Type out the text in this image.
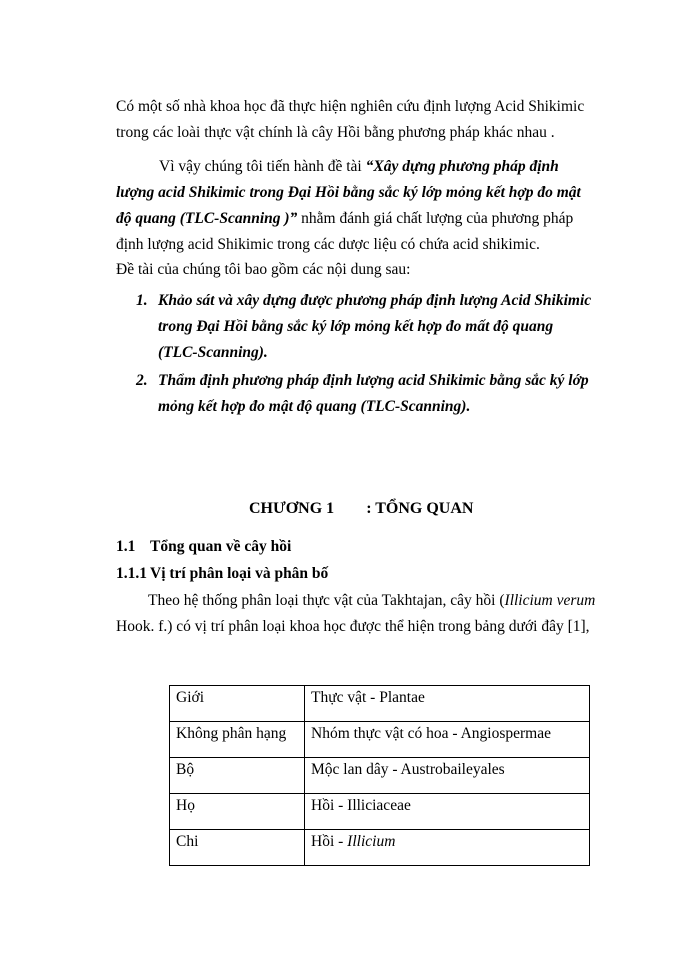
Có một số nhà khoa học đã thực hiện nghiên cứu định lượng Acid Shikimic
trong các loài thực vật chính là cây Hồi bằng phương pháp khác nhau .
Vì vậy chúng tôi tiến hành đề tài “Xây dựng phương pháp định
lượng acid Shikimic trong Đại Hồi bằng sắc ký lớp mỏng kết hợp đo mật
độ quang (TLC-Scanning )” nhằm đánh giá chất lượng của phương pháp
định lượng acid Shikimic trong các dược liệu có chứa acid shikimic.
Đề tài của chúng tôi bao gồm các nội dung sau:
1. Khảo sát và xây dựng được phương pháp định lượng Acid Shikimic
trong Đại Hồi bằng sắc ký lớp mỏng kết hợp đo mất độ quang
(TLC-Scanning).
2. Thẩm định phương pháp định lượng acid Shikimic bằng sắc ký lớp
mỏng kết hợp đo mật độ quang (TLC-Scanning).
CHƯƠNG 1 : TỔNG QUAN
1.1 Tổng quan về cây hồi
1.1.1 Vị trí phân loại và phân bố
Theo hệ thống phân loại thực vật của Takhtajan, cây hồi (Illicium verum
Hook. f.) có vị trí phân loại khoa học được thể hiện trong bảng dưới đây [1],
Giới	Thực vật - Plantae
Không phân hạng	Nhóm thực vật có hoa - Angiospermae
Bộ	Mộc lan dây - Austrobaileyales
Họ	Hồi - Illiciaceae
Chi	Hồi - Illicium
